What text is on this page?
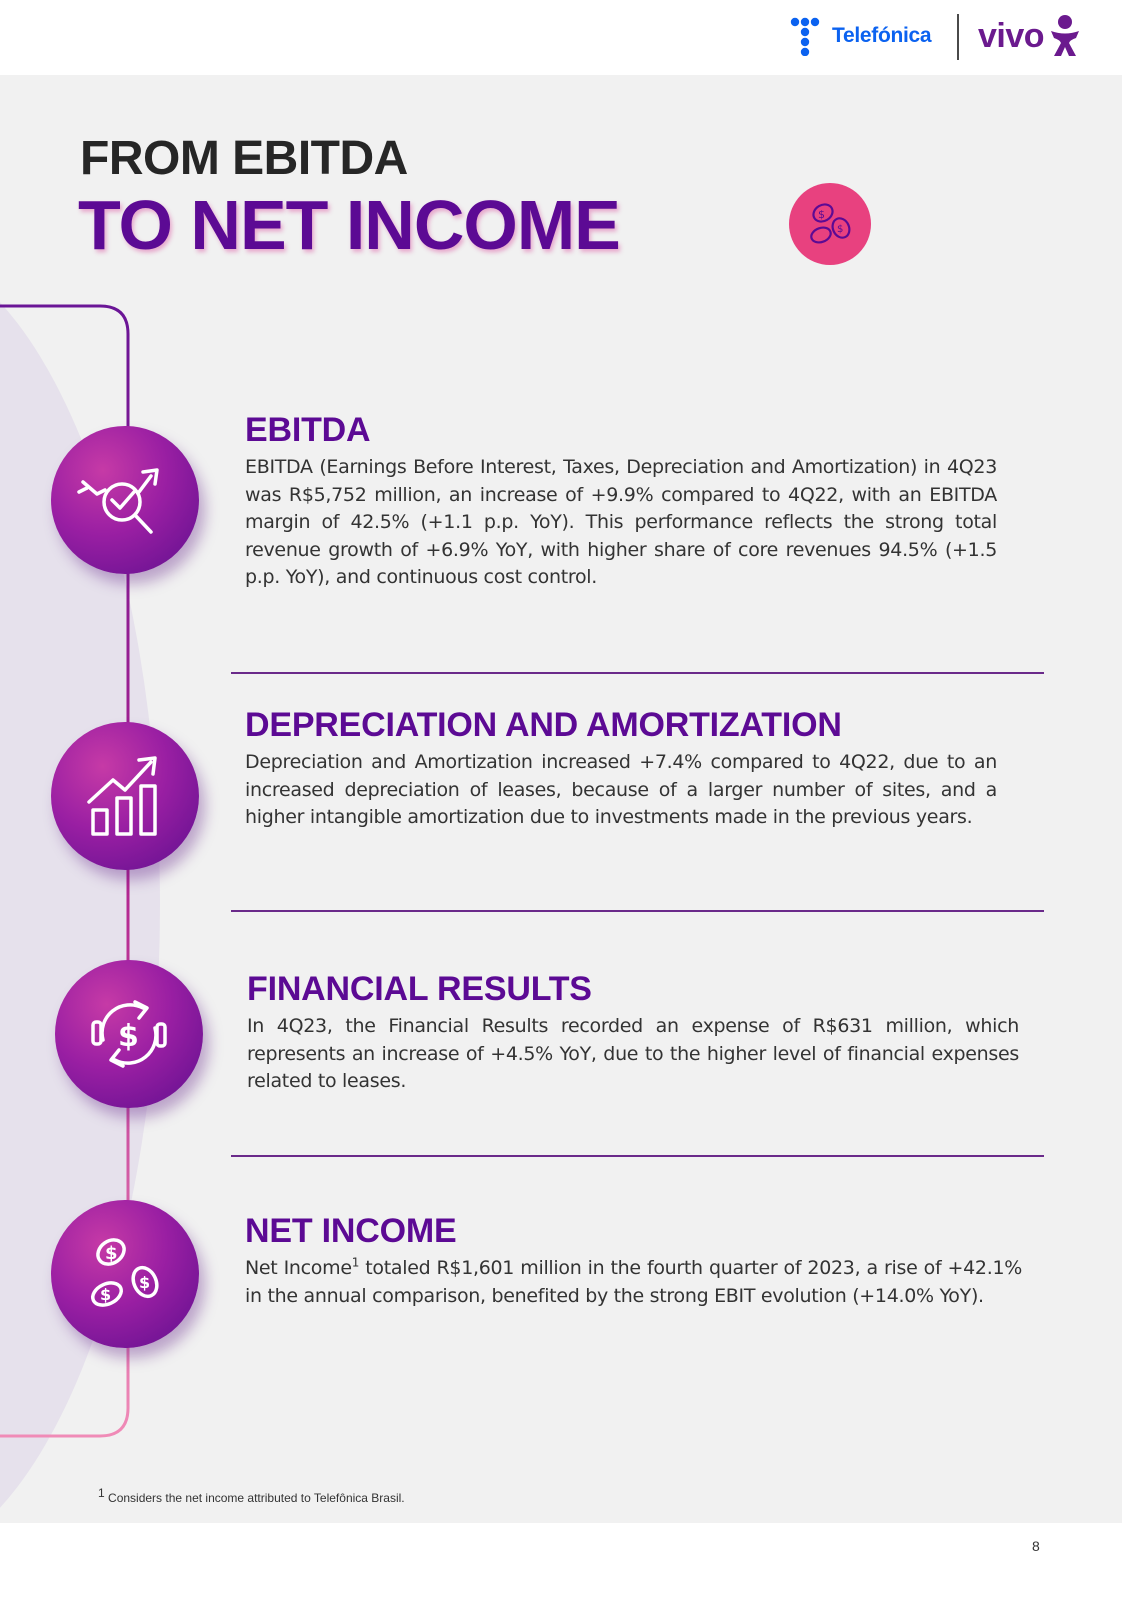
Telefónica vivo
FROM EBITDA
TO NET INCOME	$
$
$
$
$
$
EBITDA
EBITDA (Earnings Before Interest, Taxes, Depreciation and Amortization) in 4Q23 was R$5,752 million, an increase of +9.9% compared to 4Q22, with an EBITDA margin of 42.5% (+1.1 p.p. YoY). This performance reflects the strong total revenue growth of +6.9% YoY, with higher share of core revenues 94.5% (+1.5 p.p. YoY), and continuous cost control.
DEPRECIATION AND AMORTIZATION
Depreciation and Amortization increased +7.4% compared to 4Q22, due to an increased depreciation of leases, because of a larger number of sites, and a higher intangible amortization due to investments made in the previous years.
FINANCIAL RESULTS
In 4Q23, the Financial Results recorded an expense of R$631 million, which represents an increase of +4.5% YoY, due to the higher level of financial expenses related to leases.
NET INCOME
Net Income$^1$ totaled R$1,601 million in the fourth quarter of 2023, a rise of +42.1% in the annual comparison, benefited by the strong EBIT evolution (+14.0% YoY).
$^1$ Considers the net income attributed to Telefônica Brasil.
8
